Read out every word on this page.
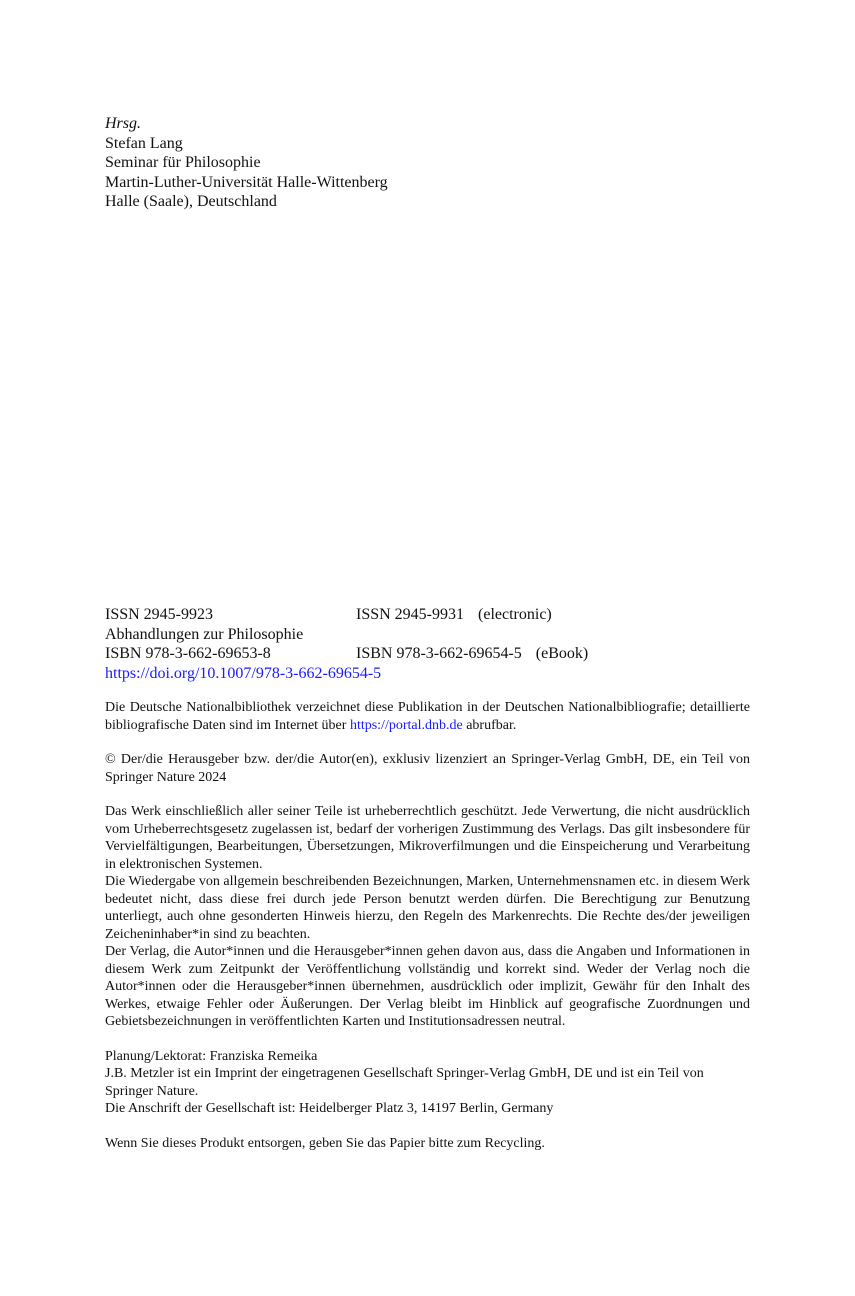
Hrsg.
Stefan Lang
Seminar für Philosophie
Martin-Luther-Universität Halle-Wittenberg
Halle (Saale), Deutschland
ISSN 2945-9923	ISSN 2945-9931 (electronic)
Abhandlungen zur Philosophie
ISBN 978-3-662-69653-8	ISBN 978-3-662-69654-5 (eBook)
https://doi.org/10.1007/978-3-662-69654-5

Die Deutsche Nationalbibliothek verzeichnet diese Publikation in der Deutschen Nationalbibliografie; detaillierte bibliografische Daten sind im Internet über https://portal.dnb.de abrufbar.

© Der/die Herausgeber bzw. der/die Autor(en), exklusiv lizenziert an Springer-Verlag GmbH, DE, ein Teil von Springer Nature 2024

Das Werk einschließlich aller seiner Teile ist urheberrechtlich geschützt. Jede Verwertung, die nicht ausdrücklich vom Urheberrechtsgesetz zugelassen ist, bedarf der vorherigen Zustimmung des Verlags. Das gilt insbesondere für Vervielfältigungen, Bearbeitungen, Übersetzungen, Mikroverfilmungen und die Einspeicherung und Verarbeitung in elektronischen Systemen.

Die Wiedergabe von allgemein beschreibenden Bezeichnungen, Marken, Unternehmensnamen etc. in diesem Werk bedeutet nicht, dass diese frei durch jede Person benutzt werden dürfen. Die Berechtigung zur Benutzung unterliegt, auch ohne gesonderten Hinweis hierzu, den Regeln des Markenrechts. Die Rechte des/der jeweiligen Zeicheninhaber*in sind zu beachten.

Der Verlag, die Autor*innen und die Herausgeber*innen gehen davon aus, dass die Angaben und Informationen in diesem Werk zum Zeitpunkt der Veröffentlichung vollständig und korrekt sind. Weder der Verlag noch die Autor*innen oder die Herausgeber*innen übernehmen, ausdrücklich oder implizit, Gewähr für den Inhalt des Werkes, etwaige Fehler oder Äußerungen. Der Verlag bleibt im Hinblick auf geografische Zuordnungen und Gebietsbezeichnungen in veröffentlichten Karten und Institutionsadressen neutral.

Planung/Lektorat: Franziska Remeika

J.B. Metzler ist ein Imprint der eingetragenen Gesellschaft Springer-Verlag GmbH, DE und ist ein Teil von Springer Nature.

Die Anschrift der Gesellschaft ist: Heidelberger Platz 3, 14197 Berlin, Germany

Wenn Sie dieses Produkt entsorgen, geben Sie das Papier bitte zum Recycling.
